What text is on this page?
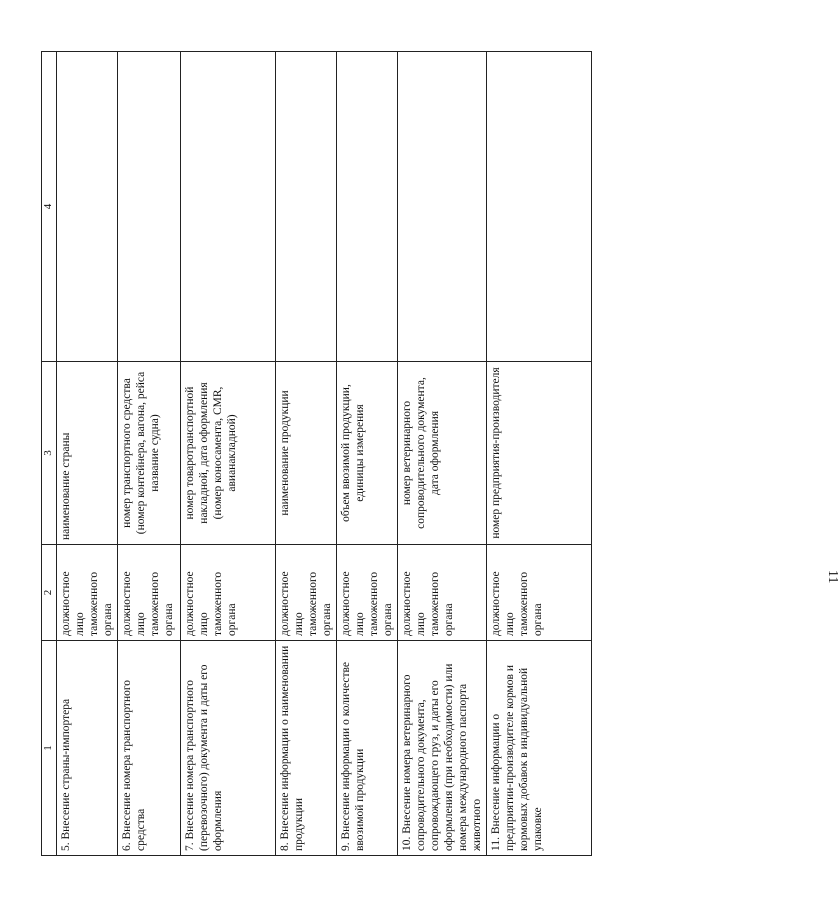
11
1	2	3	4
5. Внесение страны-импортера	должностное лицо таможенного органа	наименование страны	
6. Внесение номера транспортного средства	должностное лицо таможенного органа	номер транспортного средства (номер контейнера, вагона, рейса название судна)	
7. Внесение номера транспортного (перевозочного) документа и даты его оформления	должностное лицо таможенного органа	номер товаротранспортной накладной, дата оформления (номер коносамента, CMR, авианакладной)	
8. Внесение информации о наименовании продукции	должностное лицо таможенного органа	наименование продукции	
9. Внесение информации о количестве ввозимой продукции	должностное лицо таможенного органа	объем ввозимой продукции, единицы измерения	
10. Внесение номера ветеринарного сопроводительного документа, сопровождающего груз, и даты его оформления (при необходимости) или номера международного паспорта животного	должностное лицо таможенного органа	номер ветеринарного сопроводительного документа, дата оформления	
11. Внесение информации о предприятии-производителе кормов и кормовых добавок в индивидуальной упаковке	должностное лицо таможенного органа	номер предприятия-производителя	
